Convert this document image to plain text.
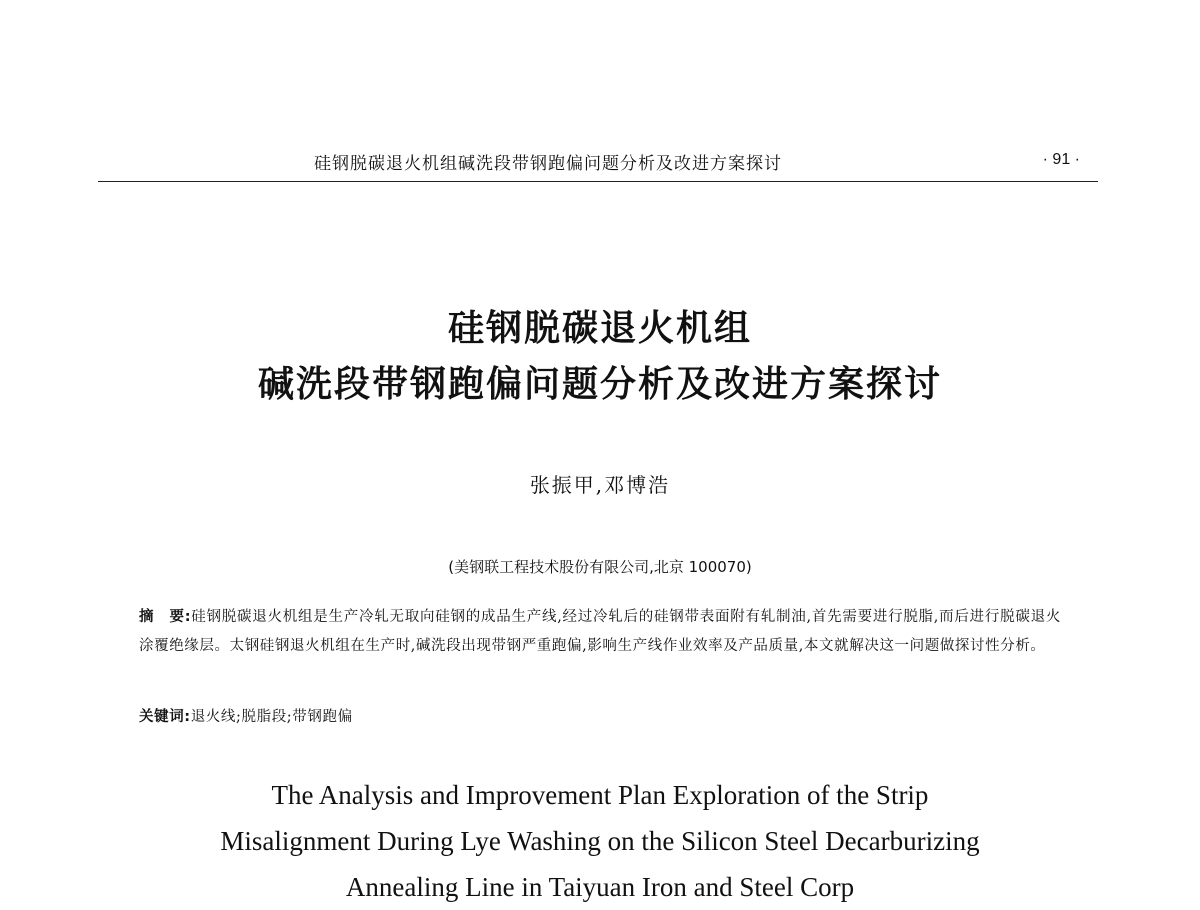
硅钢脱碳退火机组碱洗段带钢跑偏问题分析及改进方案探讨	· 91 ·
硅钢脱碳退火机组
碱洗段带钢跑偏问题分析及改进方案探讨
张振甲,邓博浩
(美钢联工程技术股份有限公司,北京 100070)
摘　要:硅钢脱碳退火机组是生产冷轧无取向硅钢的成品生产线,经过冷轧后的硅钢带表面附有轧制油,首先需要进行脱脂,而后进行脱碳退火涂覆绝缘层。太钢硅钢退火机组在生产时,碱洗段出现带钢严重跑偏,影响生产线作业效率及产品质量,本文就解决这一问题做探讨性分析。
关键词:退火线;脱脂段;带钢跑偏
The Analysis and Improvement Plan Exploration of the Strip
Misalignment During Lye Washing on the Silicon Steel Decarburizing
Annealing Line in Taiyuan Iron and Steel Corp
